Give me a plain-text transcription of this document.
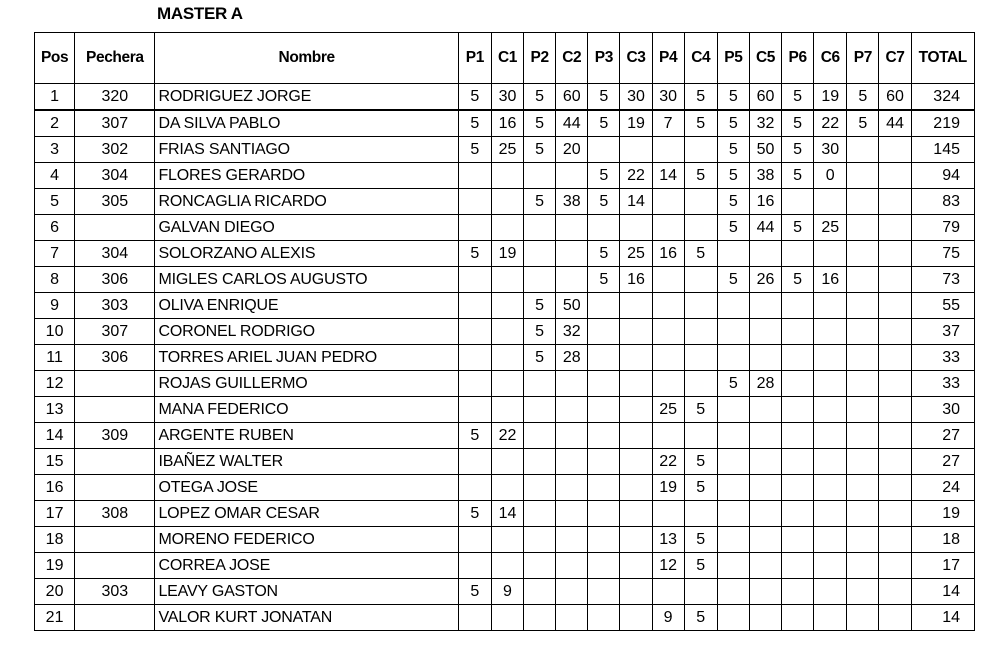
MASTER A
Pos	Pechera	Nombre	P1	C1	P2	C2	P3	C3	P4	C4	P5	C5	P6	C6	P7	C7	TOTAL
1	320	RODRIGUEZ JORGE	5	30	5	60	5	30	30	5	5	60	5	19	5	60	324
2	307	DA SILVA PABLO	5	16	5	44	5	19	7	5	5	32	5	22	5	44	219
3	302	FRIAS SANTIAGO	5	25	5	20					5	50	5	30			145
4	304	FLORES GERARDO					5	22	14	5	5	38	5	0			94
5	305	RONCAGLIA RICARDO			5	38	5	14			5	16					83
6		GALVAN DIEGO									5	44	5	25			79
7	304	SOLORZANO ALEXIS	5	19			5	25	16	5							75
8	306	MIGLES CARLOS AUGUSTO					5	16			5	26	5	16			73
9	303	OLIVA ENRIQUE			5	50											55
10	307	CORONEL RODRIGO			5	32											37
11	306	TORRES ARIEL JUAN PEDRO			5	28											33
12		ROJAS GUILLERMO									5	28					33
13		MANA FEDERICO							25	5							30
14	309	ARGENTE RUBEN	5	22													27
15		IBAÑEZ WALTER							22	5							27
16		OTEGA JOSE							19	5							24
17	308	LOPEZ OMAR CESAR	5	14													19
18		MORENO FEDERICO							13	5							18
19		CORREA JOSE							12	5							17
20	303	LEAVY GASTON	5	9													14
21		VALOR KURT JONATAN							9	5							14
